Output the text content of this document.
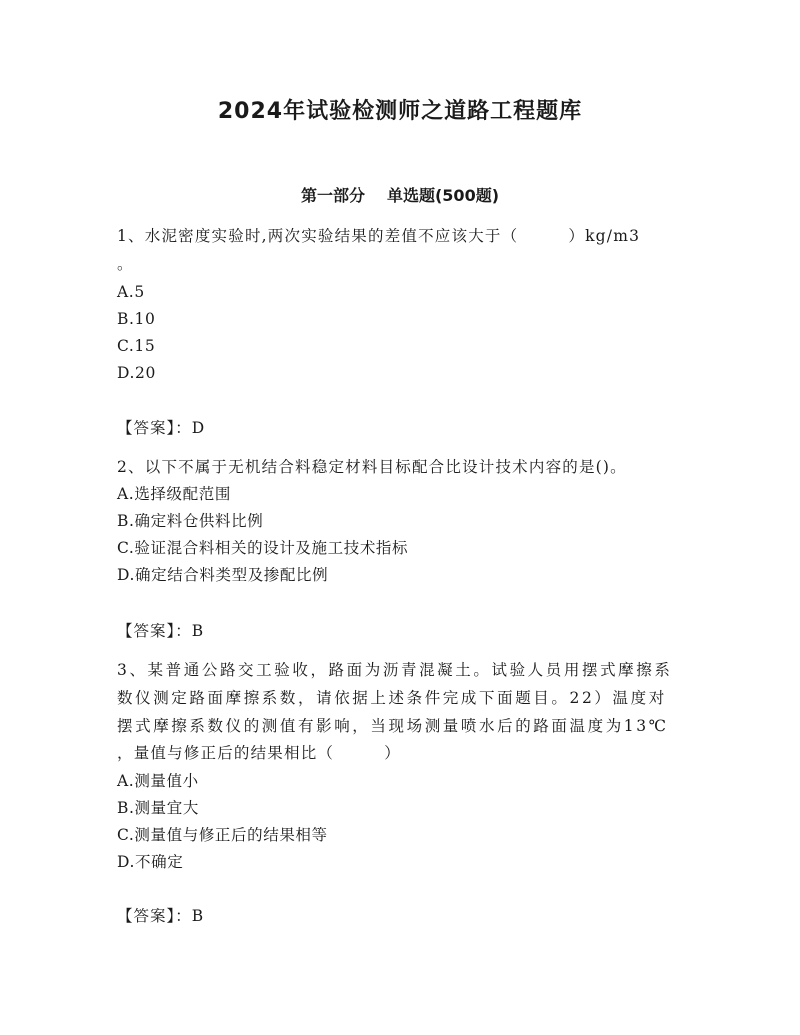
2024年试验检测师之道路工程题库
第一部分 单选题(500题)
1、水泥密度实验时,两次实验结果的差值不应该大于（　　　）kg/m3
。
A.5
B.10
C.15
D.20
【答案】：D
2、以下不属于无机结合料稳定材料目标配合比设计技术内容的是()。
A.选择级配范围
B.确定料仓供料比例
C.验证混合料相关的设计及施工技术指标
D.确定结合料类型及掺配比例
【答案】：B
3、某普通公路交工验收，路面为沥青混凝土。试验人员用摆式摩擦系
数仪测定路面摩擦系数，请依据上述条件完成下面题目。22）温度对
摆式摩擦系数仪的测值有影响，当现场测量喷水后的路面温度为13℃
，量值与修正后的结果相比（　　　）
A.测量值小
B.测量宜大
C.测量值与修正后的结果相等
D.不确定
【答案】：B
